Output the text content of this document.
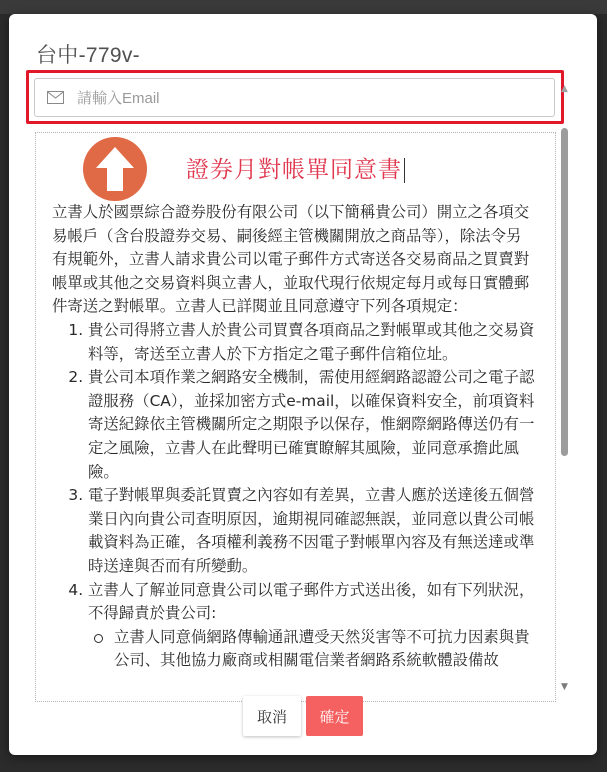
台中-779v-
請輸入Email
證券月對帳單同意書

立書人於國票綜合證券股份有限公司（以下簡稱貴公司）開立之各項交易帳戶（含台股證券交易、嗣後經主管機關開放之商品等），除法令另有規範外，立書人請求貴公司以電子郵件方式寄送各交易商品之買賣對帳單或其他之交易資料與立書人，並取代現行依規定每月或每日實體郵件寄送之對帳單。立書人已詳閱並且同意遵守下列各項規定：

1. 貴公司得將立書人於貴公司買賣各項商品之對帳單或其他之交易資料等，寄送至立書人於下方指定之電子郵件信箱位址。
2. 貴公司本項作業之網路安全機制，需使用經網路認證公司之電子認證服務（CA），並採加密方式e-mail，以確保資料安全，前項資料寄送紀錄依主管機關所定之期限予以保存，惟網際網路傳送仍有一定之風險，立書人在此聲明已確實瞭解其風險，並同意承擔此風險。
3. 電子對帳單與委託買賣之內容如有差異，立書人應於送達後五個營業日內向貴公司查明原因，逾期視同確認無誤，並同意以貴公司帳載資料為正確，各項權利義務不因電子對帳單內容及有無送達或準時送達與否而有所變動。
4. 立書人了解並同意貴公司以電子郵件方式送出後，如有下列狀況，不得歸責於貴公司:
立書人同意倘網路傳輸通訊遭受天然災害等不可抗力因素與貴公司、其他協力廠商或相關電信業者網路系統軟體設備故
▲
▼
取消	確定
